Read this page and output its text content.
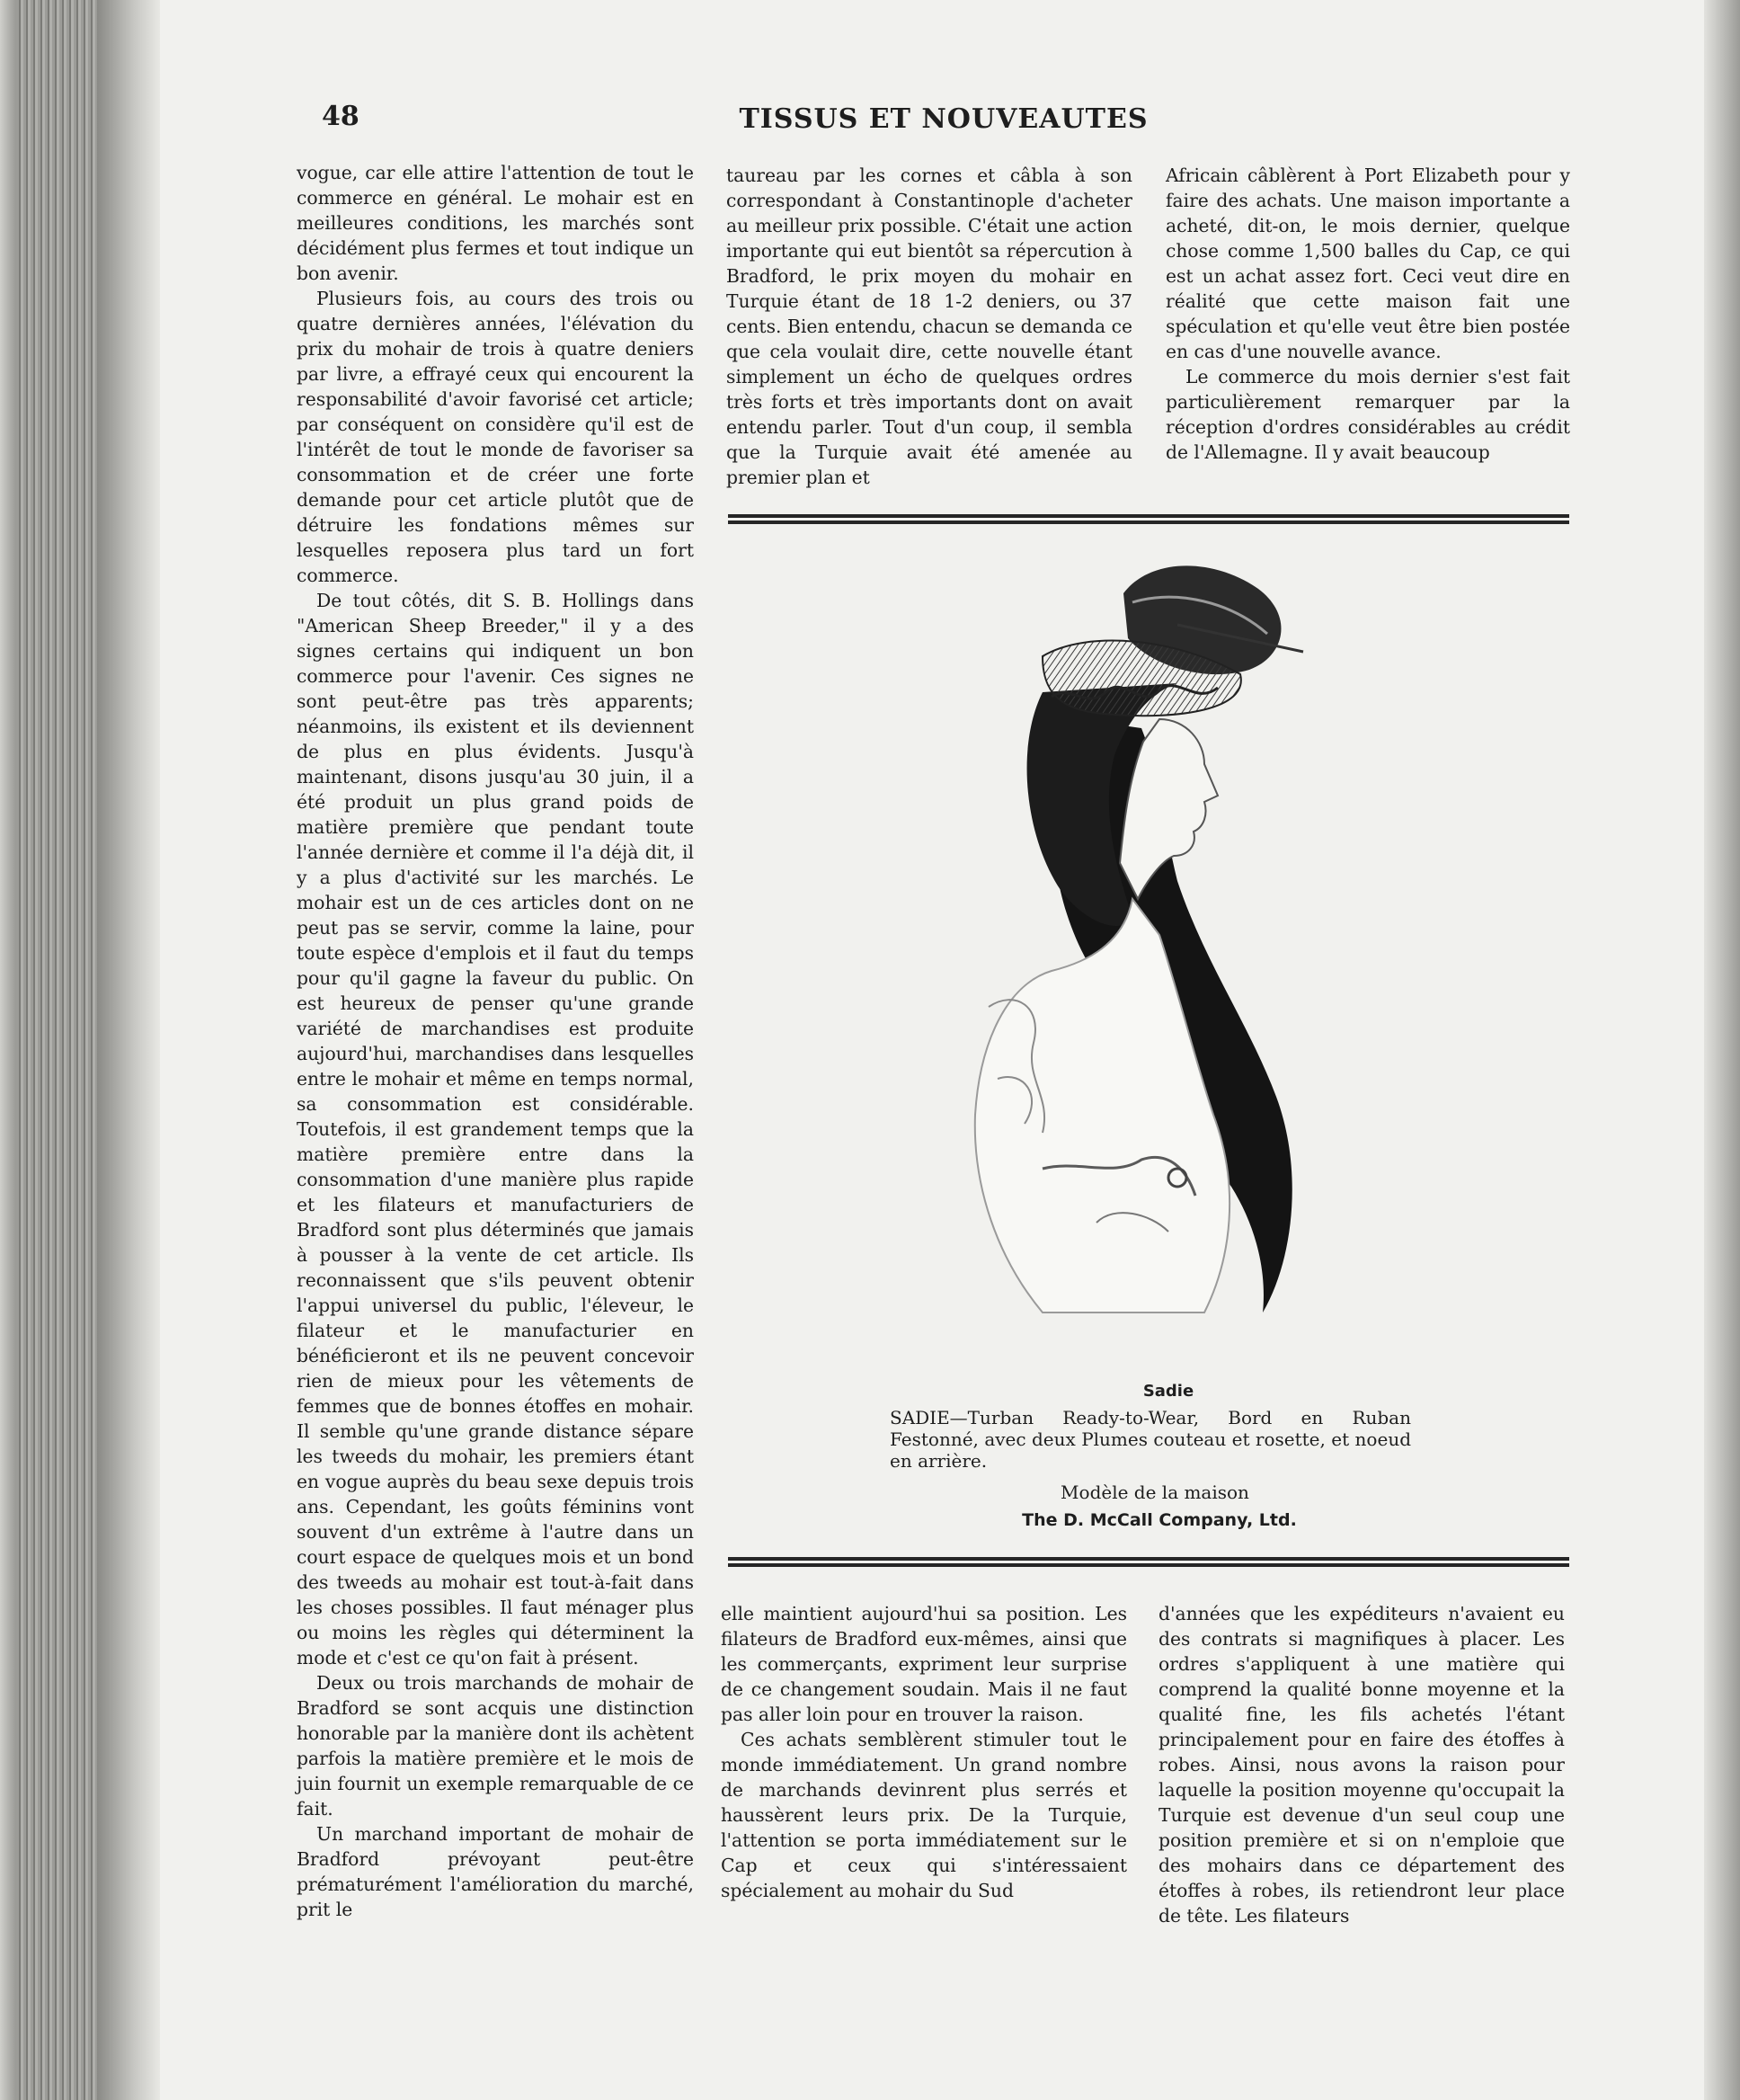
48	TISSUS ET NOUVEAUTES

vogue, car elle attire l'attention de tout le commerce en général. Le mohair est en meilleures conditions, les marchés sont décidément plus fermes et tout indique un bon avenir.

Plusieurs fois, au cours des trois ou quatre dernières années, l'élévation du prix du mohair de trois à quatre deniers par livre, a effrayé ceux qui encourent la responsabilité d'avoir favorisé cet article; par conséquent on considère qu'il est de l'intérêt de tout le monde de favoriser sa consommation et de créer une forte demande pour cet article plutôt que de détruire les fondations mêmes sur lesquelles reposera plus tard un fort commerce.

De tout côtés, dit S. B. Hollings dans "American Sheep Breeder," il y a des signes certains qui indiquent un bon commerce pour l'avenir. Ces signes ne sont peut-être pas très apparents; néanmoins, ils existent et ils deviennent de plus en plus évidents. Jusqu'à maintenant, disons jusqu'au 30 juin, il a été produit un plus grand poids de matière première que pendant toute l'année dernière et comme il l'a déjà dit, il y a plus d'activité sur les marchés. Le mohair est un de ces articles dont on ne peut pas se servir, comme la laine, pour toute espèce d'emplois et il faut du temps pour qu'il gagne la faveur du public. On est heureux de penser qu'une grande variété de marchandises est produite aujourd'hui, marchandises dans lesquelles entre le mohair et même en temps normal, sa consommation est considérable. Toutefois, il est grandement temps que la matière première entre dans la consommation d'une manière plus rapide et les filateurs et manufacturiers de Bradford sont plus déterminés que jamais à pousser à la vente de cet article. Ils reconnaissent que s'ils peuvent obtenir l'appui universel du public, l'éleveur, le filateur et le manufacturier en bénéficieront et ils ne peuvent concevoir rien de mieux pour les vêtements de femmes que de bonnes étoffes en mohair. Il semble qu'une grande distance sépare les tweeds du mohair, les premiers étant en vogue auprès du beau sexe depuis trois ans. Cependant, les goûts féminins vont souvent d'un extrême à l'autre dans un court espace de quelques mois et un bond des tweeds au mohair est tout-à-fait dans les choses possibles. Il faut ménager plus ou moins les règles qui déterminent la mode et c'est ce qu'on fait à présent.

Deux ou trois marchands de mohair de Bradford se sont acquis une distinction honorable par la manière dont ils achètent parfois la matière première et le mois de juin fournit un exemple remarquable de ce fait.

Un marchand important de mohair de Bradford prévoyant peut-être prématurément l'amélioration du marché, prit le

taureau par les cornes et câbla à son correspondant à Constantinople d'acheter au meilleur prix possible. C'était une action importante qui eut bientôt sa répercution à Bradford, le prix moyen du mohair en Turquie étant de 18 1-2 deniers, ou 37 cents. Bien entendu, chacun se demanda ce que cela voulait dire, cette nouvelle étant simplement un écho de quelques ordres très forts et très importants dont on avait entendu parler. Tout d'un coup, il sembla que la Turquie avait été amenée au premier plan et

Africain câblèrent à Port Elizabeth pour y faire des achats. Une maison importante a acheté, dit-on, le mois dernier, quelque chose comme 1,500 balles du Cap, ce qui est un achat assez fort. Ceci veut dire en réalité que cette maison fait une spéculation et qu'elle veut être bien postée en cas d'une nouvelle avance.

Le commerce du mois dernier s'est fait particulièrement remarquer par la réception d'ordres considérables au crédit de l'Allemagne. Il y avait beaucoup

Sadie
SADIE—Turban Ready-to-Wear, Bord en Ruban Festonné, avec deux Plumes couteau et rosette, et noeud en arrière.
Modèle de la maison
The D. McCall Company, Ltd.

elle maintient aujourd'hui sa position. Les filateurs de Bradford eux-mêmes, ainsi que les commerçants, expriment leur surprise de ce changement soudain. Mais il ne faut pas aller loin pour en trouver la raison.

Ces achats semblèrent stimuler tout le monde immédiatement. Un grand nombre de marchands devinrent plus serrés et haussèrent leurs prix. De la Turquie, l'attention se porta immédiatement sur le Cap et ceux qui s'intéressaient spécialement au mohair du Sud

d'années que les expéditeurs n'avaient eu des contrats si magnifiques à placer. Les ordres s'appliquent à une matière qui comprend la qualité bonne moyenne et la qualité fine, les fils achetés l'étant principalement pour en faire des étoffes à robes. Ainsi, nous avons la raison pour laquelle la position moyenne qu'occupait la Turquie est devenue d'un seul coup une position première et si on n'emploie que des mohairs dans ce département des étoffes à robes, ils retiendront leur place de tête. Les filateurs
